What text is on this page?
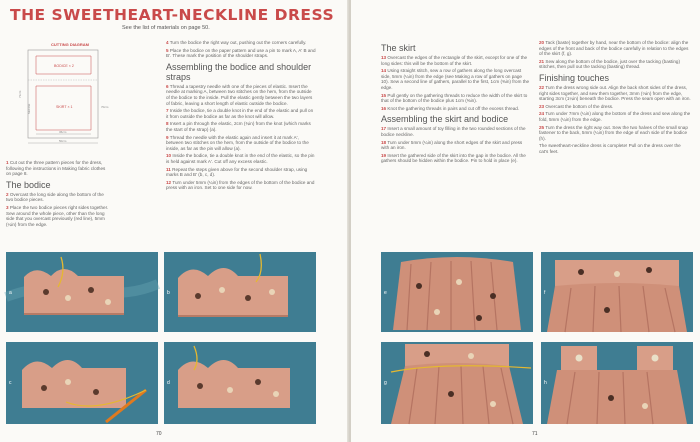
THE SWEETHEART-NECKLINE DRESS
See the list of materials on page 50.
CUTTING DIAGRAM
BODICE × 2
SKIRT × 1
fold line
71cm
70cm
36cm
50cm

1 Cut out the three pattern pieces for the dress, following the instructions in Making fabric clothes on page 8.

The bodice

2 Overcast the long side along the bottom of the two bodice pieces.

3 Place the two bodice pieces right sides together. Sew around the whole piece, other than the long side that you overcast previously (red line), 5mm (¼in) from the edge.

4 Turn the bodice the right way out, pushing out the corners carefully.

5 Place the bodice on the paper pattern and use a pin to mark A, A' B and B'. These mark the position of the shoulder straps.

Assembling the bodice and shoulder straps

6 Thread a tapestry needle with one of the pieces of elastic. Insert the needle at marking A, between two stitches on the hem, from the outside of the bodice to the inside. Pull the elastic gently between the two layers of fabric, leaving a short length of elastic outside the bodice.

7 Inside the bodice, tie a double knot in the end of the elastic and pull on it from outside the bodice as far as the knot will allow.

8 Insert a pin through the elastic, 2cm (¾in) from the knot (which marks the start of the strap) (a).

9 Thread the needle with the elastic again and insert it at mark A', between two stitches on the hem, from the outside of the bodice to the inside, as far as the pin will allow (a).

10 Inside the bodice, tie a double knot in the end of the elastic, so the pin is held against mark A'. Cut off any excess elastic.

11 Repeat the steps given above for the second shoulder strap, using marks B and B' (b, c, d).

12 Turn under 5mm (¼in) from the edges of the bottom of the bodice and press with an iron. Set to one side for now.

a	b
c	d
70
The skirt

13 Overcast the edges of the rectangle of the skirt, except for one of the long sides: this will be the bottom of the skirt.

14 Using straight stitch, sew a row of gathers along the long overcast side, 5mm (¼in) from the edge (see Making a row of gathers on page 10). Sew a second line of gathers, parallel to the first, 1cm (⅜in) from the edge.

15 Pull gently on the gathering threads to reduce the width of the skirt to that of the bottom of the bodice plus 1cm (⅜in).

16 Knot the gathering threads in pairs and cut off the excess thread.

Assembling the skirt and bodice

17 Insert a small amount of toy filling in the two rounded sections of the bodice neckline.

18 Turn under 5mm (¼in) along the short edges of the skirt and press with an iron.

19 Insert the gathered side of the skirt into the gap in the bodice. All the gathers should be hidden within the bodice. Pin to hold in place (e).

20 Tack (baste) together by hand, near the bottom of the bodice: align the edges of the front and back of the bodice carefully in relation to the edges of the skirt (f, g).

21 Sew along the bottom of the bodice, just over the tacking (basting) stitches, then pull out the tacking (basting) thread.

Finishing touches

22 Turn the dress wrong side out. Align the back short sides of the dress, right sides together, and sew them together, 3mm (⅛in) from the edge, starting 3cm (1¼in) beneath the bodice. Press the seam open with an iron.

23 Overcast the bottom of the dress.

24 Turn under 7mm (¼in) along the bottom of the dress and sew along the fold, 5mm (¼in) from the edge.

25 Turn the dress the right way out. Sew the two halves of the small snap fastener to the back, 5mm (¼in) from the edge of each side of the bodice (h).

The sweetheart-neckline dress is complete! Pull on the dress over the cat's feet.

e	f
g	h
71
